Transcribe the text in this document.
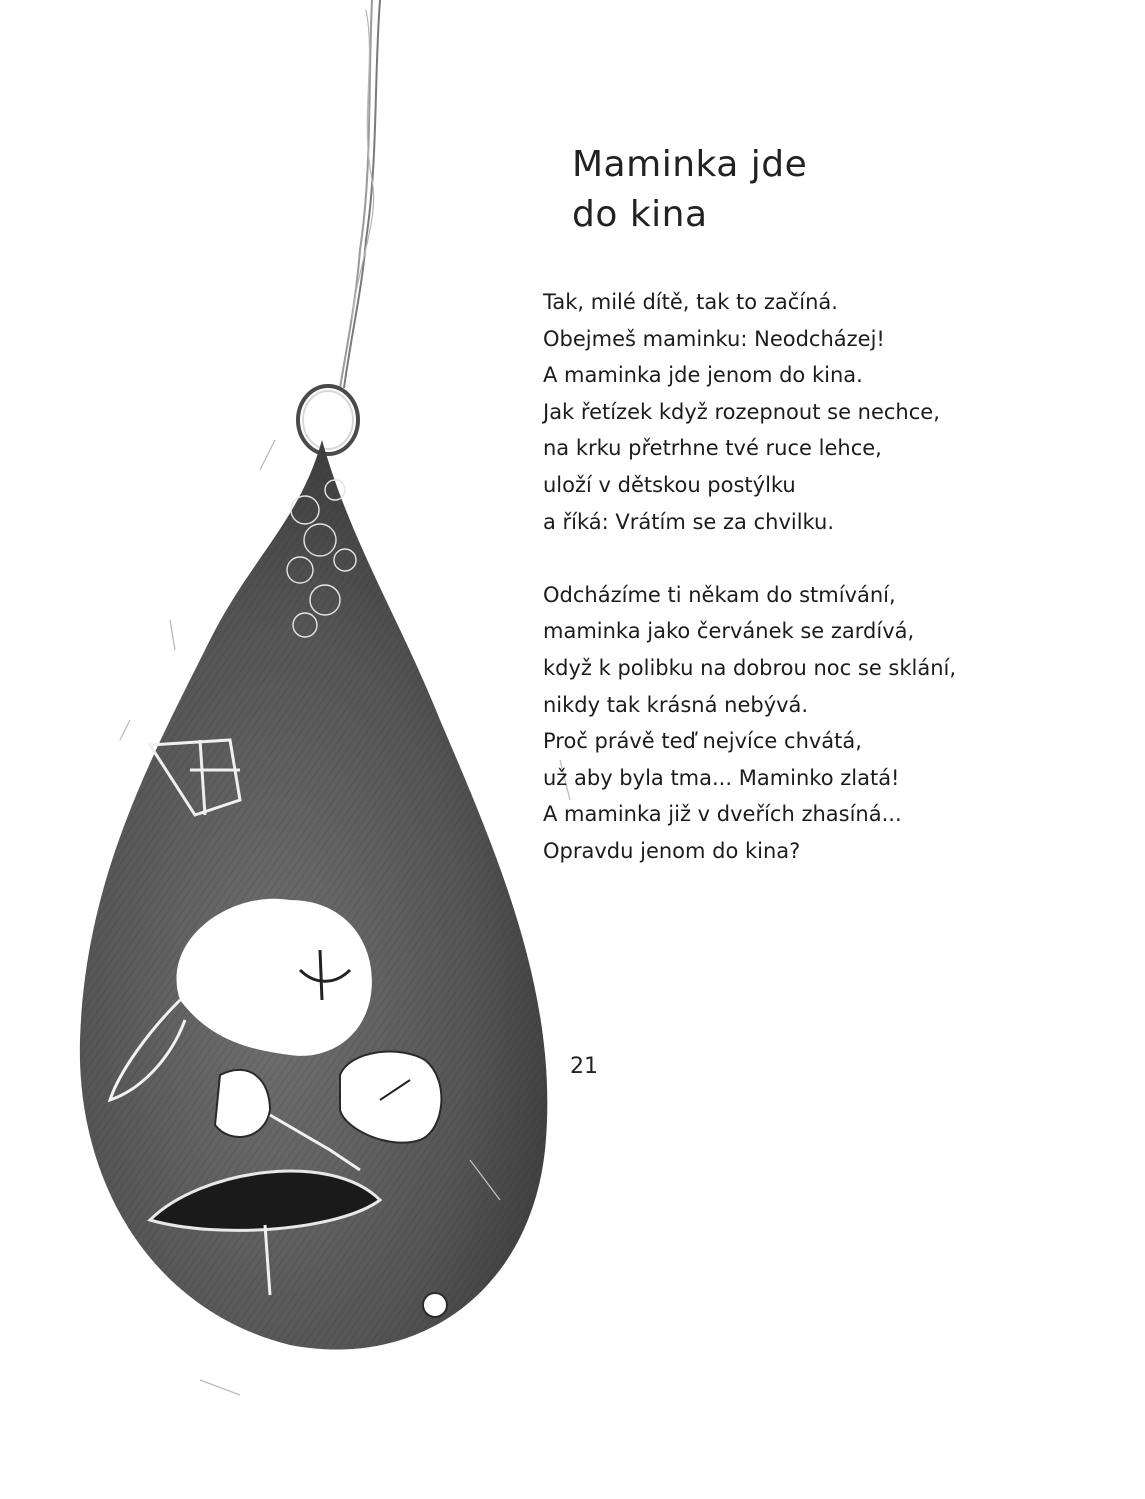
Maminka jde
do kina

Tak, milé dítě, tak to začíná.
Obejmeš maminku: Neodcházej!
A maminka jde jenom do kina.
Jak řetízek když rozepnout se nechce,
na krku přetrhne tvé ruce lehce,
uloží v dětskou postýlku
a říká: Vrátím se za chvilku.

Odcházíme ti někam do stmívání,
maminka jako červánek se zardívá,
když k polibku na dobrou noc se sklání,
nikdy tak krásná nebývá.
Proč právě teď nejvíce chvátá,
už aby byla tma... Maminko zlatá!
A maminka již v dveřích zhasíná...
Opravdu jenom do kina?

21
